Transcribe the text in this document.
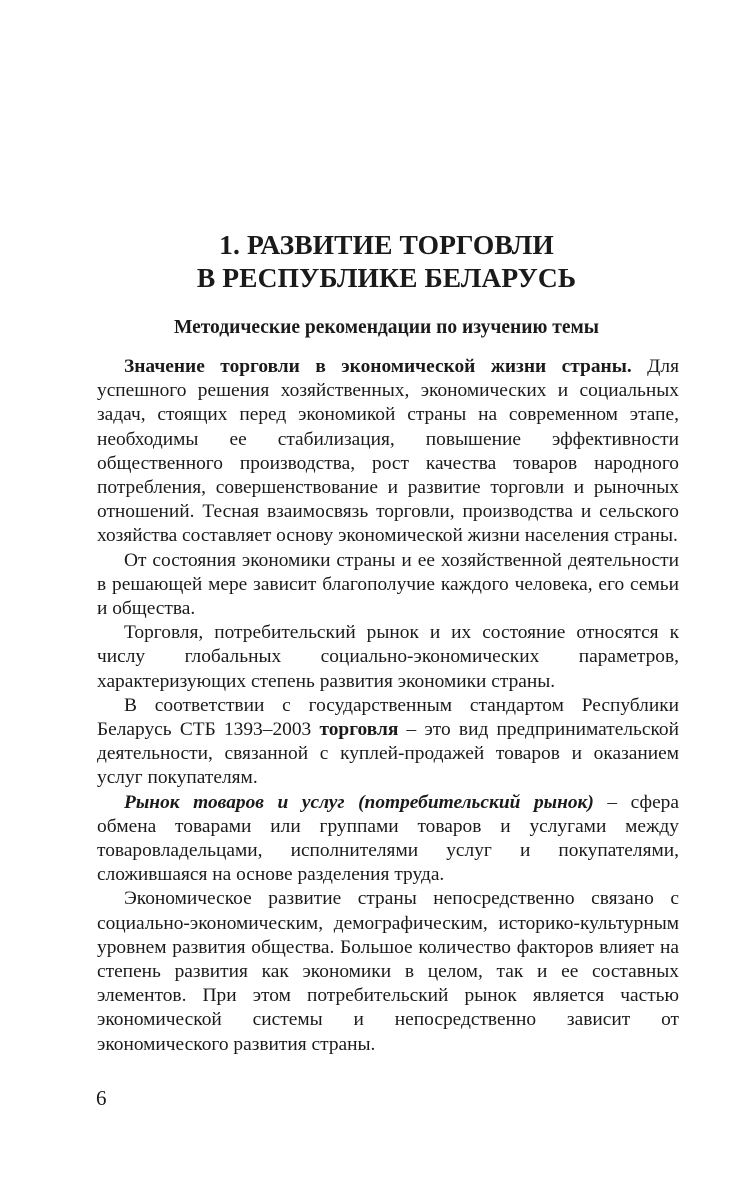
1. РАЗВИТИЕ ТОРГОВЛИ
В РЕСПУБЛИКЕ БЕЛАРУСЬ
Методические рекомендации по изучению темы

Значение торговли в экономической жизни страны. Для успешного решения хозяйственных, экономических и социальных задач, стоящих перед экономикой страны на современном этапе, необходимы ее стабилизация, повышение эффективности общественного производства, рост качества товаров народного потребления, совершенствование и развитие торговли и рыночных отношений. Тесная взаимосвязь торговли, производства и сельского хозяйства составляет основу экономической жизни населения страны.

От состояния экономики страны и ее хозяйственной деятельности в решающей мере зависит благополучие каждого человека, его семьи и общества.

Торговля, потребительский рынок и их состояние относятся к числу глобальных социально-экономических параметров, характеризующих степень развития экономики страны.

В соответствии с государственным стандартом Республики Беларусь СТБ 1393–2003 торговля – это вид предпринимательской деятельности, связанной с куплей-продажей товаров и оказанием услуг покупателям.

Рынок товаров и услуг (потребительский рынок) – сфера обмена товарами или группами товаров и услугами между товаровладельцами, исполнителями услуг и покупателями, сложившаяся на основе разделения труда.

Экономическое развитие страны непосредственно связано с социально-экономическим, демографическим, историко-культурным уровнем развития общества. Большое количество факторов влияет на степень развития как экономики в целом, так и ее составных элементов. При этом потребительский рынок является частью экономической системы и непосредственно зависит от экономического развития страны.

6
